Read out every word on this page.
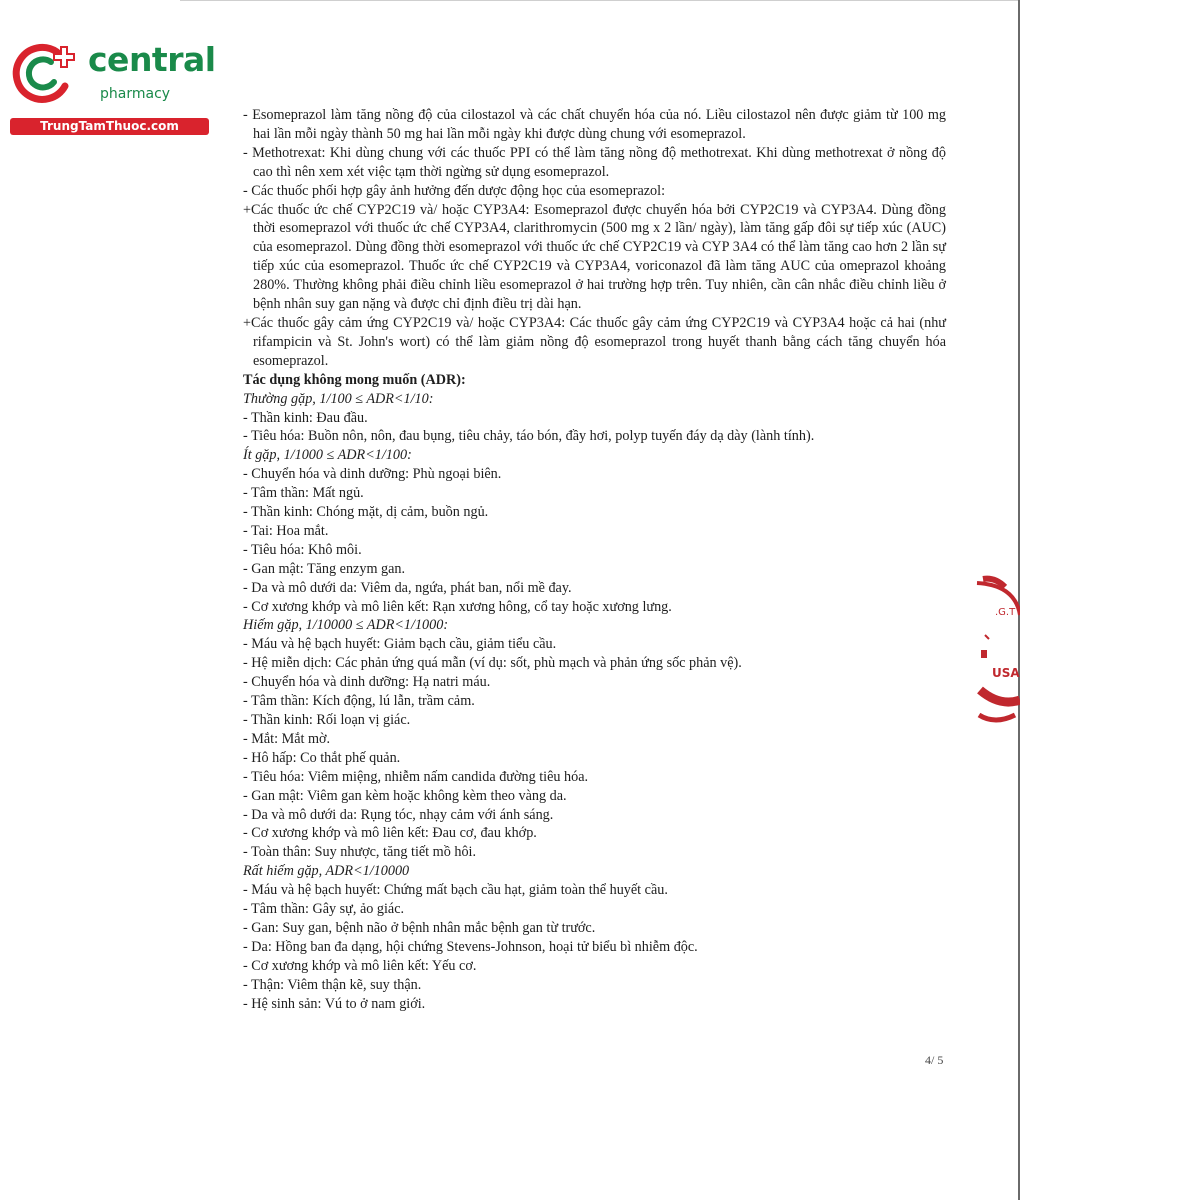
central
pharmacy
TrungTamThuoc.com
.G.T
USA

- Esomeprazol làm tăng nồng độ của cilostazol và các chất chuyển hóa của nó. Liều cilostazol nên được giảm từ 100 mg hai lần mỗi ngày thành 50 mg hai lần mỗi ngày khi được dùng chung với esomeprazol.

- Methotrexat: Khi dùng chung với các thuốc PPI có thể làm tăng nồng độ methotrexat. Khi dùng methotrexat ở nồng độ cao thì nên xem xét việc tạm thời ngừng sử dụng esomeprazol.

- Các thuốc phối hợp gây ảnh hưởng đến dược động học của esomeprazol:

+Các thuốc ức chế CYP2C19 và/ hoặc CYP3A4: Esomeprazol được chuyển hóa bởi CYP2C19 và CYP3A4. Dùng đồng thời esomeprazol với thuốc ức chế CYP3A4, clarithromycin (500 mg x 2 lần/ ngày), làm tăng gấp đôi sự tiếp xúc (AUC) của esomeprazol. Dùng đồng thời esomeprazol với thuốc ức chế CYP2C19 và CYP 3A4 có thể làm tăng cao hơn 2 lần sự tiếp xúc của esomeprazol. Thuốc ức chế CYP2C19 và CYP3A4, voriconazol đã làm tăng AUC của omeprazol khoảng 280%. Thường không phải điều chỉnh liều esomeprazol ở hai trường hợp trên. Tuy nhiên, cần cân nhắc điều chỉnh liều ở bệnh nhân suy gan nặng và được chỉ định điều trị dài hạn.

+Các thuốc gây cảm ứng CYP2C19 và/ hoặc CYP3A4: Các thuốc gây cảm ứng CYP2C19 và CYP3A4 hoặc cả hai (như rifampicin và St. John's wort) có thể làm giảm nồng độ esomeprazol trong huyết thanh bằng cách tăng chuyển hóa esomeprazol.

Tác dụng không mong muốn (ADR):

Thường gặp, 1/100 ≤ ADR<1/10:

- Thần kinh: Đau đầu.

- Tiêu hóa: Buồn nôn, nôn, đau bụng, tiêu chảy, táo bón, đầy hơi, polyp tuyến đáy dạ dày (lành tính).

Ít gặp, 1/1000 ≤ ADR<1/100:

- Chuyển hóa và dinh dưỡng: Phù ngoại biên.

- Tâm thần: Mất ngủ.

- Thần kinh: Chóng mặt, dị cảm, buồn ngủ.

- Tai: Hoa mắt.

- Tiêu hóa: Khô môi.

- Gan mật: Tăng enzym gan.

- Da và mô dưới da: Viêm da, ngứa, phát ban, nổi mề đay.

- Cơ xương khớp và mô liên kết: Rạn xương hông, cổ tay hoặc xương lưng.

Hiếm gặp, 1/10000 ≤ ADR<1/1000:

- Máu và hệ bạch huyết: Giảm bạch cầu, giảm tiểu cầu.

- Hệ miễn dịch: Các phản ứng quá mẫn (ví dụ: sốt, phù mạch và phản ứng sốc phản vệ).

- Chuyển hóa và dinh dưỡng: Hạ natri máu.

- Tâm thần: Kích động, lú lẫn, trầm cảm.

- Thần kinh: Rối loạn vị giác.

- Mắt: Mắt mờ.

- Hô hấp: Co thắt phế quản.

- Tiêu hóa: Viêm miệng, nhiễm nấm candida đường tiêu hóa.

- Gan mật: Viêm gan kèm hoặc không kèm theo vàng da.

- Da và mô dưới da: Rụng tóc, nhạy cảm với ánh sáng.

- Cơ xương khớp và mô liên kết: Đau cơ, đau khớp.

- Toàn thân: Suy nhược, tăng tiết mồ hôi.

Rất hiếm gặp, ADR<1/10000

- Máu và hệ bạch huyết: Chứng mất bạch cầu hạt, giảm toàn thể huyết cầu.

- Tâm thần: Gây sự, ảo giác.

- Gan: Suy gan, bệnh não ở bệnh nhân mắc bệnh gan từ trước.

- Da: Hồng ban đa dạng, hội chứng Stevens-Johnson, hoại tử biểu bì nhiễm độc.

- Cơ xương khớp và mô liên kết: Yếu cơ.

- Thận: Viêm thận kẽ, suy thận.

- Hệ sinh sản: Vú to ở nam giới.

4/ 5
